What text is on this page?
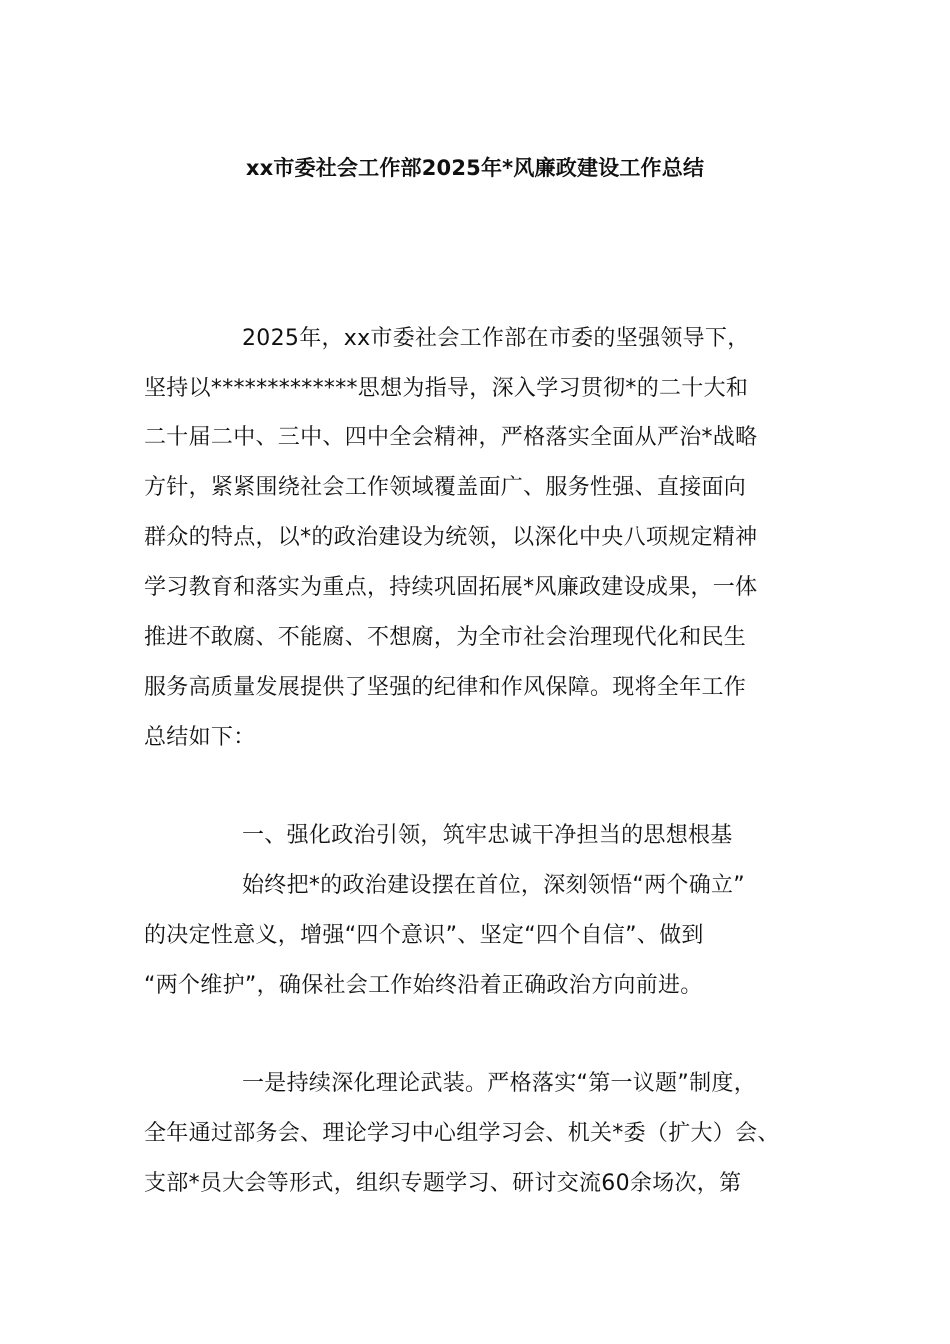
xx市委社会工作部2025年*风廉政建设工作总结
2025年，xx市委社会工作部在市委的坚强领导下，
坚持以*************思想为指导，深入学习贯彻*的二十大和
二十届二中、三中、四中全会精神，严格落实全面从严治*战略
方针，紧紧围绕社会工作领域覆盖面广、服务性强、直接面向
群众的特点，以*的政治建设为统领，以深化中央八项规定精神
学习教育和落实为重点，持续巩固拓展*风廉政建设成果，一体
推进不敢腐、不能腐、不想腐，为全市社会治理现代化和民生
服务高质量发展提供了坚强的纪律和作风保障。现将全年工作
总结如下：
一、强化政治引领，筑牢忠诚干净担当的思想根基
始终把*的政治建设摆在首位，深刻领悟“两个确立”
的决定性意义，增强“四个意识”、坚定“四个自信”、做到
“两个维护”，确保社会工作始终沿着正确政治方向前进。
一是持续深化理论武装。严格落实“第一议题”制度，
全年通过部务会、理论学习中心组学习会、机关*委（扩大）会、
支部*员大会等形式，组织专题学习、研讨交流60余场次，第
